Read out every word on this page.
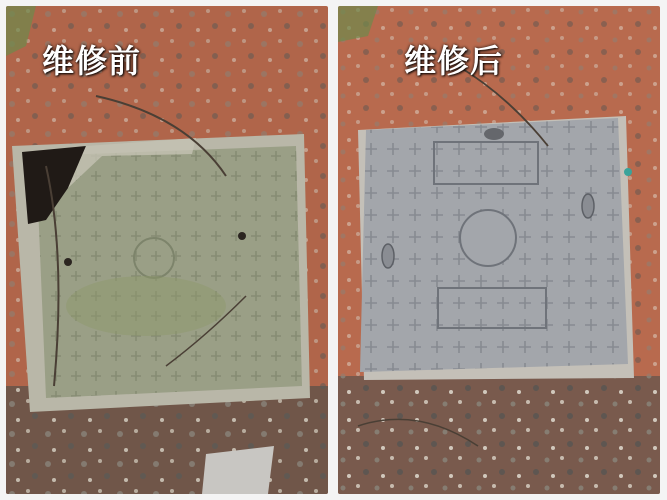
维修前	维修后
